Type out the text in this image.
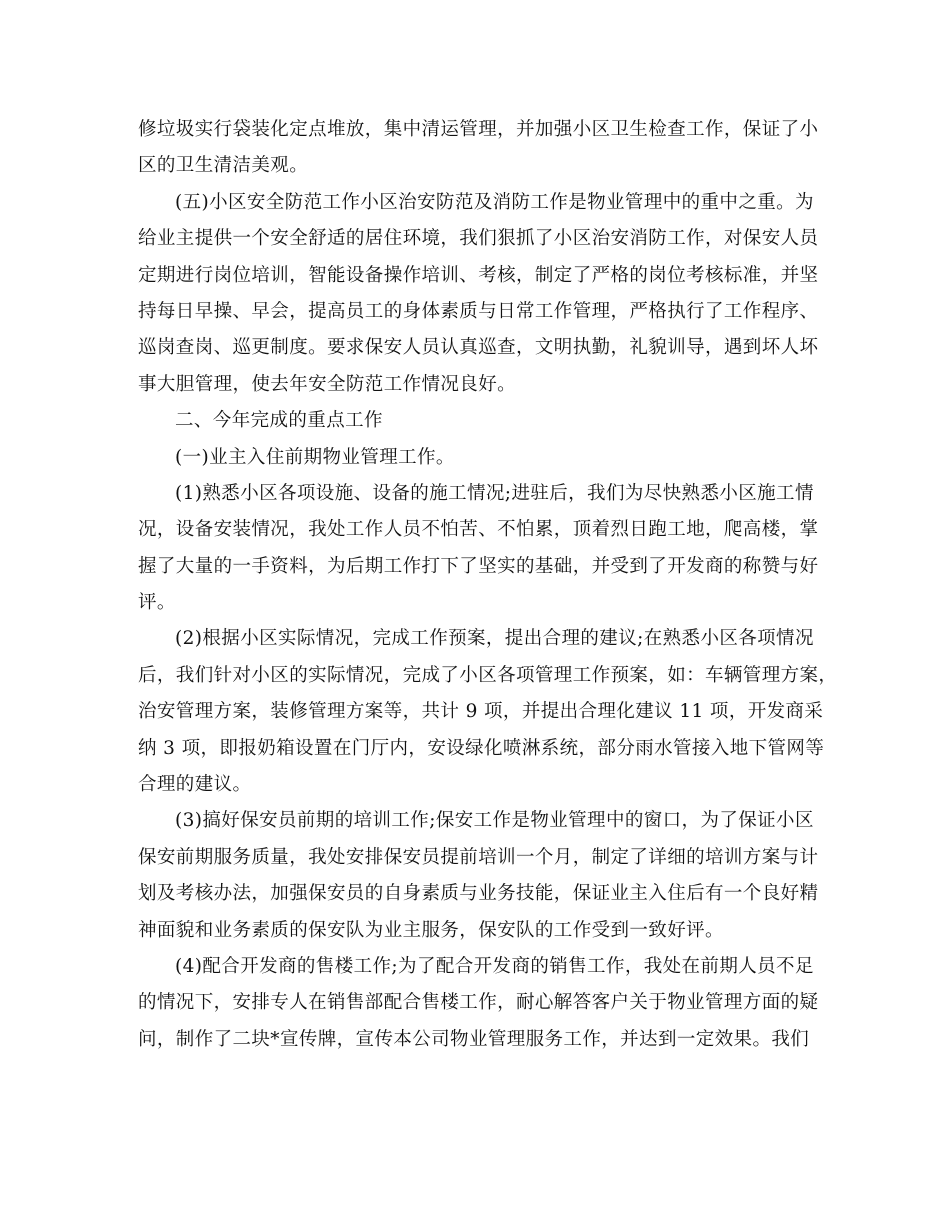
修垃圾实行袋装化定点堆放，集中清运管理，并加强小区卫生检查工作，保证了小
区的卫生清洁美观。
(五)小区安全防范工作小区治安防范及消防工作是物业管理中的重中之重。为
给业主提供一个安全舒适的居住环境，我们狠抓了小区治安消防工作，对保安人员
定期进行岗位培训，智能设备操作培训、考核，制定了严格的岗位考核标准，并坚
持每日早操、早会，提高员工的身体素质与日常工作管理，严格执行了工作程序、
巡岗查岗、巡更制度。要求保安人员认真巡查，文明执勤，礼貌训导，遇到坏人坏
事大胆管理，使去年安全防范工作情况良好。
二、今年完成的重点工作
(一)业主入住前期物业管理工作。
(1)熟悉小区各项设施、设备的施工情况;进驻后，我们为尽快熟悉小区施工情
况，设备安装情况，我处工作人员不怕苦、不怕累，顶着烈日跑工地，爬高楼，掌
握了大量的一手资料，为后期工作打下了坚实的基础，并受到了开发商的称赞与好
评。
(2)根据小区实际情况，完成工作预案，提出合理的建议;在熟悉小区各项情况
后，我们针对小区的实际情况，完成了小区各项管理工作预案，如：车辆管理方案，
治安管理方案，装修管理方案等，共计 9 项，并提出合理化建议 11 项，开发商采
纳 3 项，即报奶箱设置在门厅内，安设绿化喷淋系统，部分雨水管接入地下管网等
合理的建议。
(3)搞好保安员前期的培训工作;保安工作是物业管理中的窗口，为了保证小区
保安前期服务质量，我处安排保安员提前培训一个月，制定了详细的培训方案与计
划及考核办法，加强保安员的自身素质与业务技能，保证业主入住后有一个良好精
神面貌和业务素质的保安队为业主服务，保安队的工作受到一致好评。
(4)配合开发商的售楼工作;为了配合开发商的销售工作，我处在前期人员不足
的情况下，安排专人在销售部配合售楼工作，耐心解答客户关于物业管理方面的疑
问，制作了二块*宣传牌，宣传本公司物业管理服务工作，并达到一定效果。我们
